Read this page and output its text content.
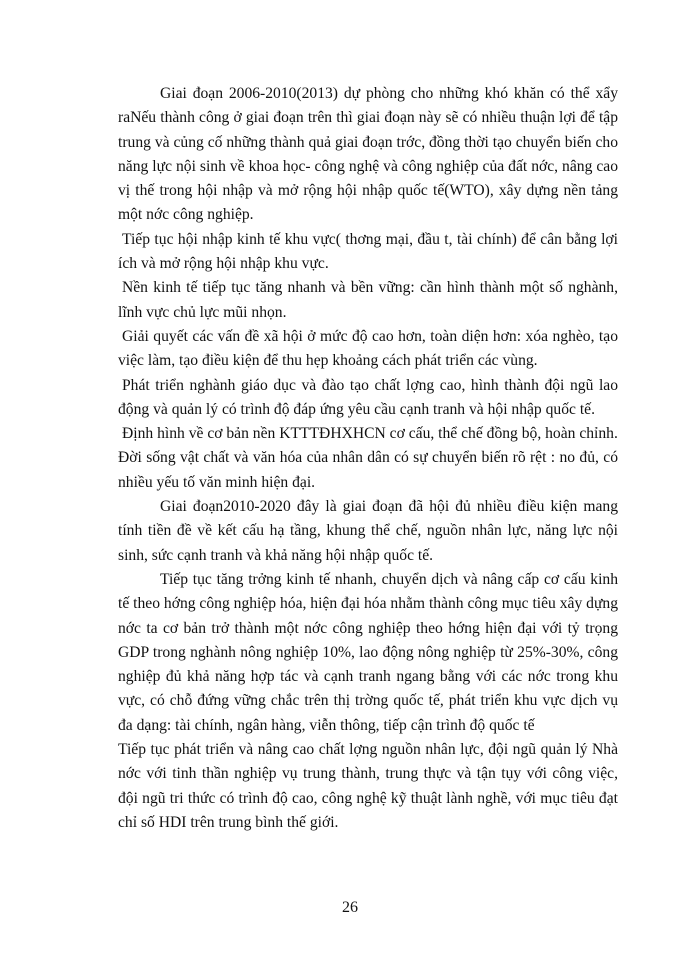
Giai đoạn 2006-2010(2013) dự phòng cho những khó khăn có thể xẩy raNếu thành công ở giai đoạn trên thì giai đoạn này sẽ có nhiều thuận lợi để tập trung và củng cố những thành quả giai đoạn trớc, đồng thời tạo chuyển biến cho năng lực nội sinh về khoa học- công nghệ và công nghiệp của đất nớc, nâng cao vị thế trong hội nhập và mở rộng hội nhập quốc tế(WTO), xây dựng nền tảng một nớc công nghiệp.

Tiếp tục hội nhập kinh tế khu vực( thơng mại, đầu t, tài chính) để cân bằng lợi ích và mở rộng hội nhập khu vực.

Nền kinh tế tiếp tục tăng nhanh và bền vững: cần hình thành một số nghành, lĩnh vực chủ lực mũi nhọn.

Giải quyết các vấn đề xã hội ở mức độ cao hơn, toàn diện hơn: xóa nghèo, tạo việc làm, tạo điều kiện để thu hẹp khoảng cách phát triển các vùng.

Phát triển nghành giáo dục và đào tạo chất lợng cao, hình thành đội ngũ lao động và quản lý có trình độ đáp ứng yêu cầu cạnh tranh và hội nhập quốc tế.

Định hình về cơ bản nền KTTTĐHXHCN cơ cấu, thể chế đồng bộ, hoàn chỉnh.

Đời sống vật chất và văn hóa của nhân dân có sự chuyển biến rõ rệt : no đủ, có nhiều yếu tố văn minh hiện đại.

Giai đoạn2010-2020 đây là giai đoạn đã hội đủ nhiều điều kiện mang tính tiền đề về kết cấu hạ tầng, khung thể chế, nguồn nhân lực, năng lực nội sinh, sức cạnh tranh và khả năng hội nhập quốc tế.

Tiếp tục tăng trởng kinh tế nhanh, chuyển dịch và nâng cấp cơ cấu kinh tế theo hớng công nghiệp hóa, hiện đại hóa nhằm thành công mục tiêu xây dựng nớc ta cơ bản trở thành một nớc công nghiệp theo hớng hiện đại với tỷ trọng GDP trong nghành nông nghiệp 10%, lao động nông nghiệp từ 25%-30%, công nghiệp đủ khả năng hợp tác và cạnh tranh ngang bằng với các nớc trong khu vực, có chỗ đứng vững chắc trên thị trờng quốc tế, phát triển khu vực dịch vụ đa dạng: tài chính, ngân hàng, viễn thông, tiếp cận trình độ quốc tế

Tiếp tục phát triển và nâng cao chất lợng nguồn nhân lực, đội ngũ quản lý Nhà nớc với tinh thần nghiệp vụ trung thành, trung thực và tận tụy với công việc, đội ngũ tri thức có trình độ cao, công nghệ kỹ thuật lành nghề, với mục tiêu đạt chỉ số HDI trên trung bình thế giới.

26
